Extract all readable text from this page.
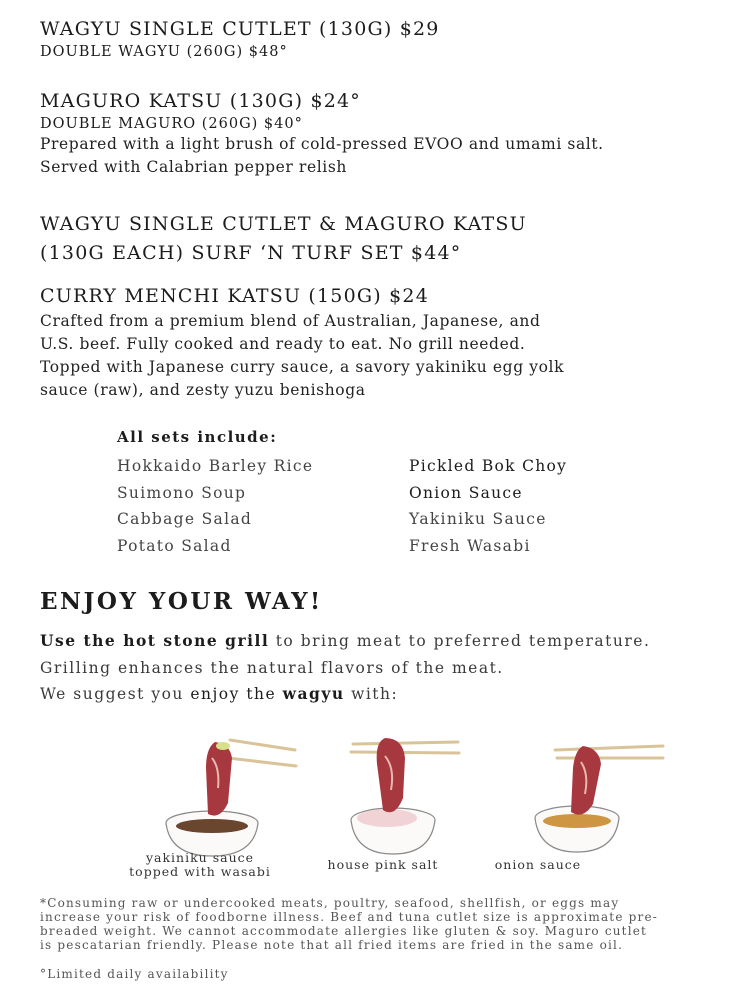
WAGYU SINGLE CUTLET (130G) $29

DOUBLE WAGYU (260G) $48°

MAGURO KATSU (130G) $24°

DOUBLE MAGURO (260G) $40°

Prepared with a light brush of cold-pressed EVOO and umami salt.

Served with Calabrian pepper relish

WAGYU SINGLE CUTLET & MAGURO KATSU

(130G EACH) SURF ‘N TURF SET $44°

CURRY MENCHI KATSU (150G) $24

Crafted from a premium blend of Australian, Japanese, and

U.S. beef. Fully cooked and ready to eat. No grill needed.

Topped with Japanese curry sauce, a savory yakiniku egg yolk

sauce (raw), and zesty yuzu benishoga

All sets include:

Hokkaido Barley Rice	Pickled Bok Choy
Suimono Soup	Onion Sauce
Cabbage Salad	Yakiniku Sauce
Potato Salad	Fresh Wasabi
ENJOY YOUR WAY!

Use the hot stone grill to bring meat to preferred temperature.

Grilling enhances the natural flavors of the meat.

We suggest you enjoy the wagyu with:

yakiniku sauce
topped with wasabi	house pink salt	onion sauce
*Consuming raw or undercooked meats, poultry, seafood, shellfish, or eggs may
increase your risk of foodborne illness. Beef and tuna cutlet size is approximate pre-
breaded weight. We cannot accommodate allergies like gluten & soy. Maguro cutlet
is pescatarian friendly. Please note that all fried items are fried in the same oil.

°Limited daily availability
